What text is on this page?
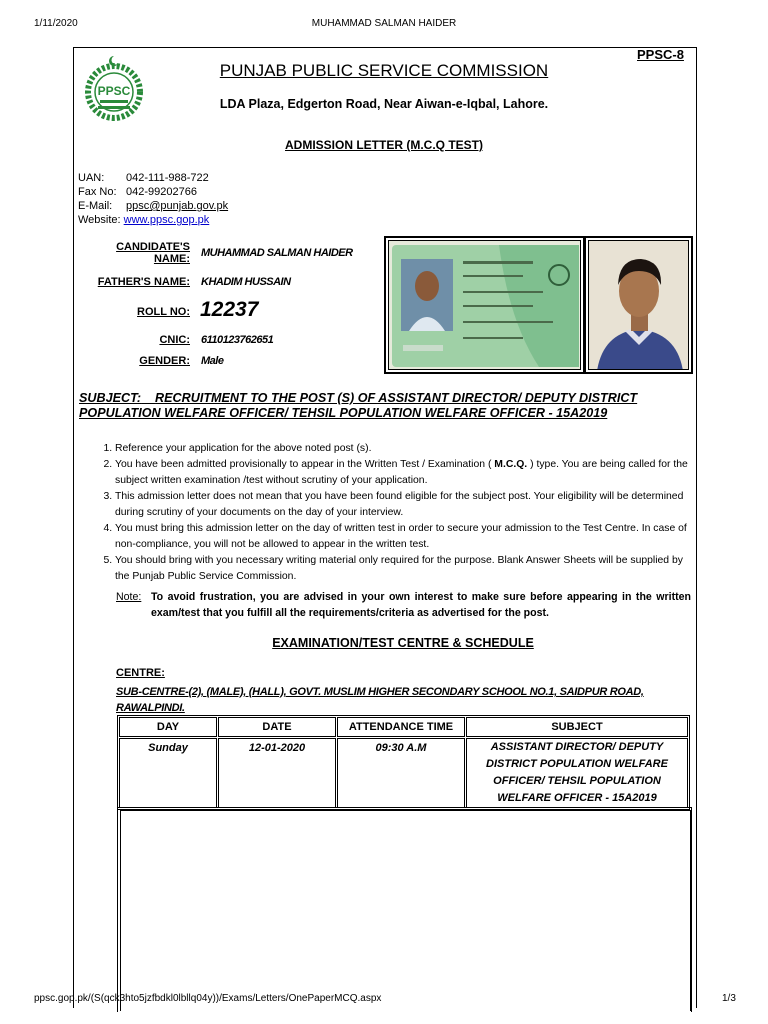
1/11/2020	MUHAMMAD SALMAN HAIDER
PPSC
PPSC-8
PUNJAB PUBLIC SERVICE COMMISSION
LDA Plaza, Edgerton Road, Near Aiwan-e-Iqbal, Lahore.
ADMISSION LETTER (M.C.Q TEST)
UAN: 042-111-988-722
Fax No: 042-99202766
E-Mail: ppsc@punjab.gov.pk
Website: www.ppsc.gop.pk
CANDIDATE'S
NAME: MUHAMMAD SALMAN HAIDER
FATHER'S NAME: KHADIM HUSSAIN
ROLL NO: 12237
CNIC: 6110123762651
GENDER: Male
SUBJECT: RECRUITMENT TO THE POST (S) OF ASSISTANT DIRECTOR/ DEPUTY DISTRICT
POPULATION WELFARE OFFICER/ TEHSIL POPULATION WELFARE OFFICER - 15A2019
1. Reference your application for the above noted post (s).
2. You have been admitted provisionally to appear in the Written Test / Examination ( M.C.Q. ) type. You are being called for the subject written examination /test without scrutiny of your application.
3. This admission letter does not mean that you have been found eligible for the subject post. Your eligibility will be determined during scrutiny of your documents on the day of your interview.
4. You must bring this admission letter on the day of written test in order to secure your admission to the Test Centre. In case of non-compliance, you will not be allowed to appear in the written test.
5. You should bring with you necessary writing material only required for the purpose. Blank Answer Sheets will be supplied by the Punjab Public Service Commission.
Note: To avoid frustration, you are advised in your own interest to make sure before appearing in the written exam/test that you fulfill all the requirements/criteria as advertised for the post.
EXAMINATION/TEST CENTRE & SCHEDULE
CENTRE:
SUB-CENTRE-(2), (MALE), (HALL), GOVT. MUSLIM HIGHER SECONDARY SCHOOL NO.1, SAIDPUR ROAD, RAWALPINDI.
DAY	DATE	ATTENDANCE TIME	SUBJECT
Sunday	12-01-2020	09:30 A.M	ASSISTANT DIRECTOR/ DEPUTY DISTRICT POPULATION WELFARE OFFICER/ TEHSIL POPULATION WELFARE OFFICER - 15A2019
ppsc.gop.pk/(S(qck3hto5jzfbdkl0lbllq04y))/Exams/Letters/OnePaperMCQ.aspx	1/3
